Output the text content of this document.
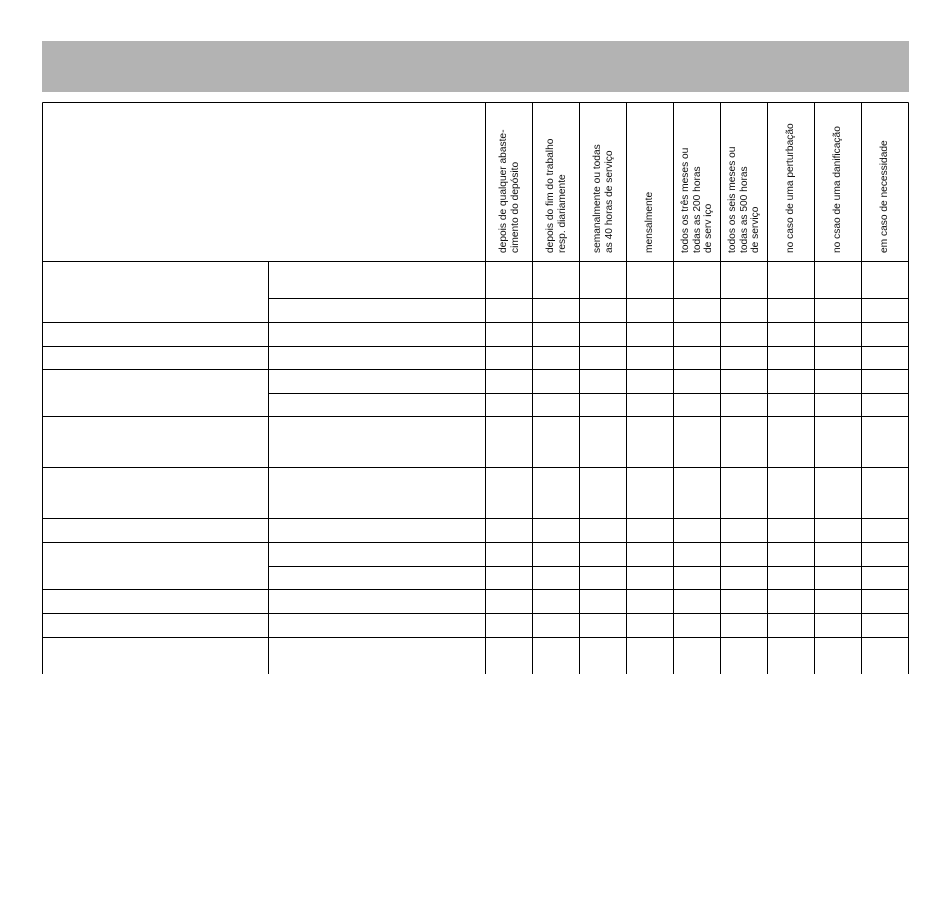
depois de qualquer abaste-
cimento do depósito
depois do fim do trabalho
resp. diariamente semanalmente ou todas
as 40 horas de serviço
mensalmente todos os três meses ou
todas as 200 horas
de serv iço
todos os seis meses ou
todas as 500 horas
de serviço no caso de uma perturbação	no csao de uma danificação	em caso de necessidade
